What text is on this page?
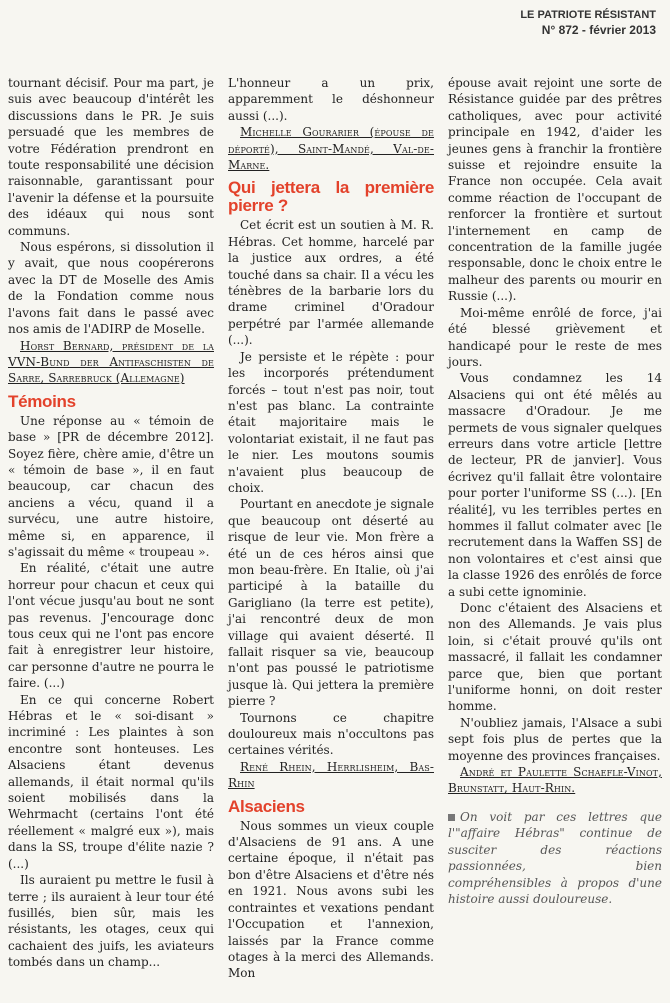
LE PATRIOTE RÉSISTANT
N° 872 - février 2013

tournant décisif. Pour ma part, je suis avec beaucoup d'intérêt les discussions dans le PR. Je suis persuadé que les membres de votre Fédération prendront en toute responsabilité une décision raisonnable, garantissant pour l'avenir la défense et la poursuite des idéaux qui nous sont communs.

Nous espérons, si dissolution il y avait, que nous coopérerons avec la DT de Moselle des Amis de la Fondation comme nous l'avons fait dans le passé avec nos amis de l'ADIRP de Moselle.

Horst Bernard, président de la VVN-Bund der Antifaschisten de Sarre, Sarrebruck (Allemagne)

Témoins

Une réponse au « témoin de base » [PR de décembre 2012]. Soyez fière, chère amie, d'être un « témoin de base », il en faut beaucoup, car chacun des anciens a vécu, quand il a survécu, une autre histoire, même si, en apparence, il s'agissait du même « troupeau ».

En réalité, c'était une autre horreur pour chacun et ceux qui l'ont vécue jusqu'au bout ne sont pas revenus. J'encourage donc tous ceux qui ne l'ont pas encore fait à enregistrer leur histoire, car personne d'autre ne pourra le faire. (...)

En ce qui concerne Robert Hébras et le « soi-disant » incriminé : Les plaintes à son encontre sont honteuses. Les Alsaciens étant devenus allemands, il était normal qu'ils soient mobilisés dans la Wehrmacht (certains l'ont été réellement « malgré eux »), mais dans la SS, troupe d'élite nazie ? (...)

Ils auraient pu mettre le fusil à terre ; ils auraient à leur tour été fusillés, bien sûr, mais les résistants, les otages, ceux qui cachaient des juifs, les aviateurs tombés dans un champ...

L'honneur a un prix, apparemment le déshonneur aussi (...).

Michelle Gourarier (épouse de déporté), Saint-Mandé, Val-de-Marne.

Qui jettera la première pierre ?

Cet écrit est un soutien à M. R. Hébras. Cet homme, harcelé par la justice aux ordres, a été touché dans sa chair. Il a vécu les ténèbres de la barbarie lors du drame criminel d'Oradour perpétré par l'armée allemande (...).

Je persiste et le répète : pour les incorporés prétendument forcés – tout n'est pas noir, tout n'est pas blanc. La contrainte était majoritaire mais le volontariat existait, il ne faut pas le nier. Les moutons soumis n'avaient plus beaucoup de choix.

Pourtant en anecdote je signale que beaucoup ont déserté au risque de leur vie. Mon frère a été un de ces héros ainsi que mon beau-frère. En Italie, où j'ai participé à la bataille du Garigliano (la terre est petite), j'ai rencontré deux de mon village qui avaient déserté. Il fallait risquer sa vie, beaucoup n'ont pas poussé le patriotisme jusque là. Qui jettera la première pierre ?

Tournons ce chapitre douloureux mais n'occultons pas certaines vérités.

René Rhein, Herrlisheim, Bas-Rhin

Alsaciens

Nous sommes un vieux couple d'Alsaciens de 91 ans. A une certaine époque, il n'était pas bon d'être Alsaciens et d'être nés en 1921. Nous avons subi les contraintes et vexations pendant l'Occupation et l'annexion, laissés par la France comme otages à la merci des Allemands. Mon

épouse avait rejoint une sorte de Résistance guidée par des prêtres catholiques, avec pour activité principale en 1942, d'aider les jeunes gens à franchir la frontière suisse et rejoindre ensuite la France non occupée. Cela avait comme réaction de l'occupant de renforcer la frontière et surtout l'internement en camp de concentration de la famille jugée responsable, donc le choix entre le malheur des parents ou mourir en Russie (...).

Moi-même enrôlé de force, j'ai été blessé grièvement et handicapé pour le reste de mes jours.

Vous condamnez les 14 Alsaciens qui ont été mêlés au massacre d'Oradour. Je me permets de vous signaler quelques erreurs dans votre article [lettre de lecteur, PR de janvier]. Vous écrivez qu'il fallait être volontaire pour porter l'uniforme SS (...). [En réalité], vu les terribles pertes en hommes il fallut colmater avec [le recrutement dans la Waffen SS] de non volontaires et c'est ainsi que la classe 1926 des enrôlés de force a subi cette ignominie.

Donc c'étaient des Alsaciens et non des Allemands. Je vais plus loin, si c'était prouvé qu'ils ont massacré, il fallait les condamner parce que, bien que portant l'uniforme honni, on doit rester homme.

N'oubliez jamais, l'Alsace a subi sept fois plus de pertes que la moyenne des provinces françaises.

André et Paulette Schaefle-Vinot, Brunstatt, Haut-Rhin.

On voit par ces lettres que l'"affaire Hébras" continue de susciter des réactions passionnées, bien compréhensibles à propos d'une histoire aussi douloureuse.
